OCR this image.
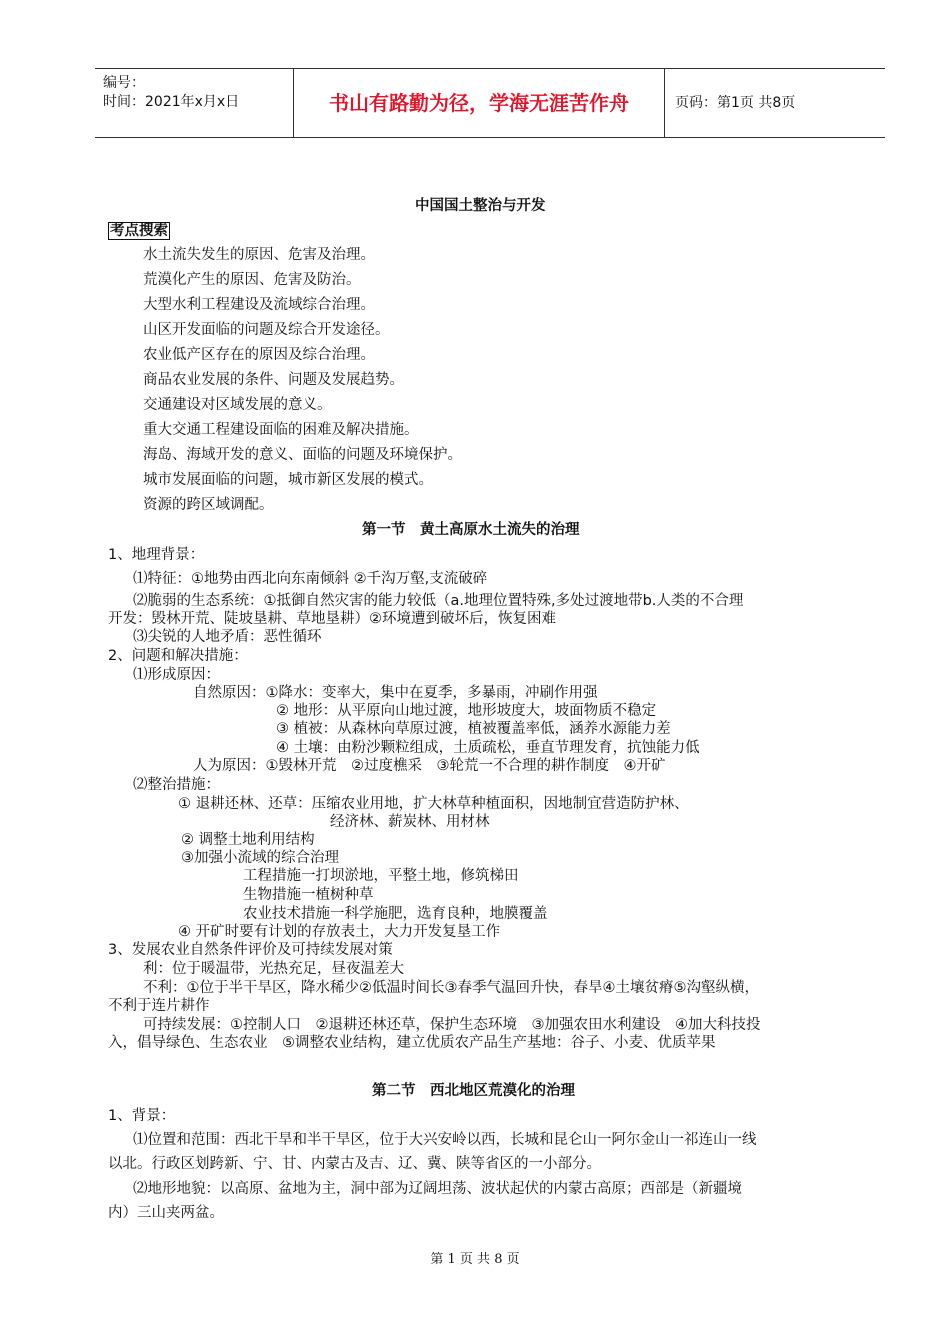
编号：
时间：2021年x月x日	书山有路勤为径，学海无涯苦作舟	页码：第1页 共8页
中国国土整治与开发
考点搜索
水土流失发生的原因、危害及治理。
荒漠化产生的原因、危害及防治。
大型水利工程建设及流域综合治理。
山区开发面临的问题及综合开发途径。
农业低产区存在的原因及综合治理。
商品农业发展的条件、问题及发展趋势。
交通建设对区域发展的意义。
重大交通工程建设面临的困难及解决措施。
海岛、海域开发的意义、面临的问题及环境保护。
城市发展面临的问题，城市新区发展的模式。
资源的跨区域调配。
第一节　黄土高原水土流失的治理
1、地理背景：
⑴特征：①地势由西北向东南倾斜 ②千沟万壑,支流破碎
⑵脆弱的生态系统：①抵御自然灾害的能力较低（a.地理位置特殊,多处过渡地带b.人类的不合理
开发：毁林开荒、陡坡垦耕、草地垦耕）②环境遭到破坏后，恢复困难
⑶尖锐的人地矛盾：恶性循环
2、问题和解决措施：
⑴形成原因：
自然原因：①降水：变率大，集中在夏季，多暴雨，冲刷作用强
② 地形：从平原向山地过渡，地形坡度大，坡面物质不稳定
③ 植被：从森林向草原过渡，植被覆盖率低，涵养水源能力差
④ 土壤：由粉沙颗粒组成，土质疏松，垂直节理发育，抗蚀能力低
人为原因：①毁林开荒　②过度樵采　③轮荒一不合理的耕作制度　④开矿
⑵整治措施：
① 退耕还林、还草：压缩农业用地，扩大林草种植面积，因地制宜营造防护林、
经济林、薪炭林、用材林
② 调整土地利用结构
③加强小流域的综合治理
工程措施一打坝淤地，平整土地，修筑梯田
生物措施一植树种草
农业技术措施一科学施肥，选育良种，地膜覆盖
④ 开矿时要有计划的存放表土，大力开发复垦工作
3、发展农业自然条件评价及可持续发展对策
利：位于暖温带，光热充足，昼夜温差大
不利：①位于半干旱区，降水稀少②低温时间长③春季气温回升快，春旱④土壤贫瘠⑤沟壑纵横，
不利于连片耕作
可持续发展：①控制人口　②退耕还林还草，保护生态环境　③加强农田水利建设　④加大科技投
入，倡导绿色、生态农业　⑤调整农业结构，建立优质农产品生产基地：谷子、小麦、优质苹果
第二节　西北地区荒漠化的治理
1、背景：
⑴位置和范围：西北干旱和半干旱区，位于大兴安岭以西，长城和昆仑山一阿尔金山一祁连山一线
以北。行政区划跨新、宁、甘、内蒙古及吉、辽、冀、陕等省区的一小部分。
⑵地形地貌：以高原、盆地为主，洞中部为辽阔坦荡、波状起伏的内蒙古高原；西部是（新疆境
内）三山夹两盆。
第 1 页 共 8 页
